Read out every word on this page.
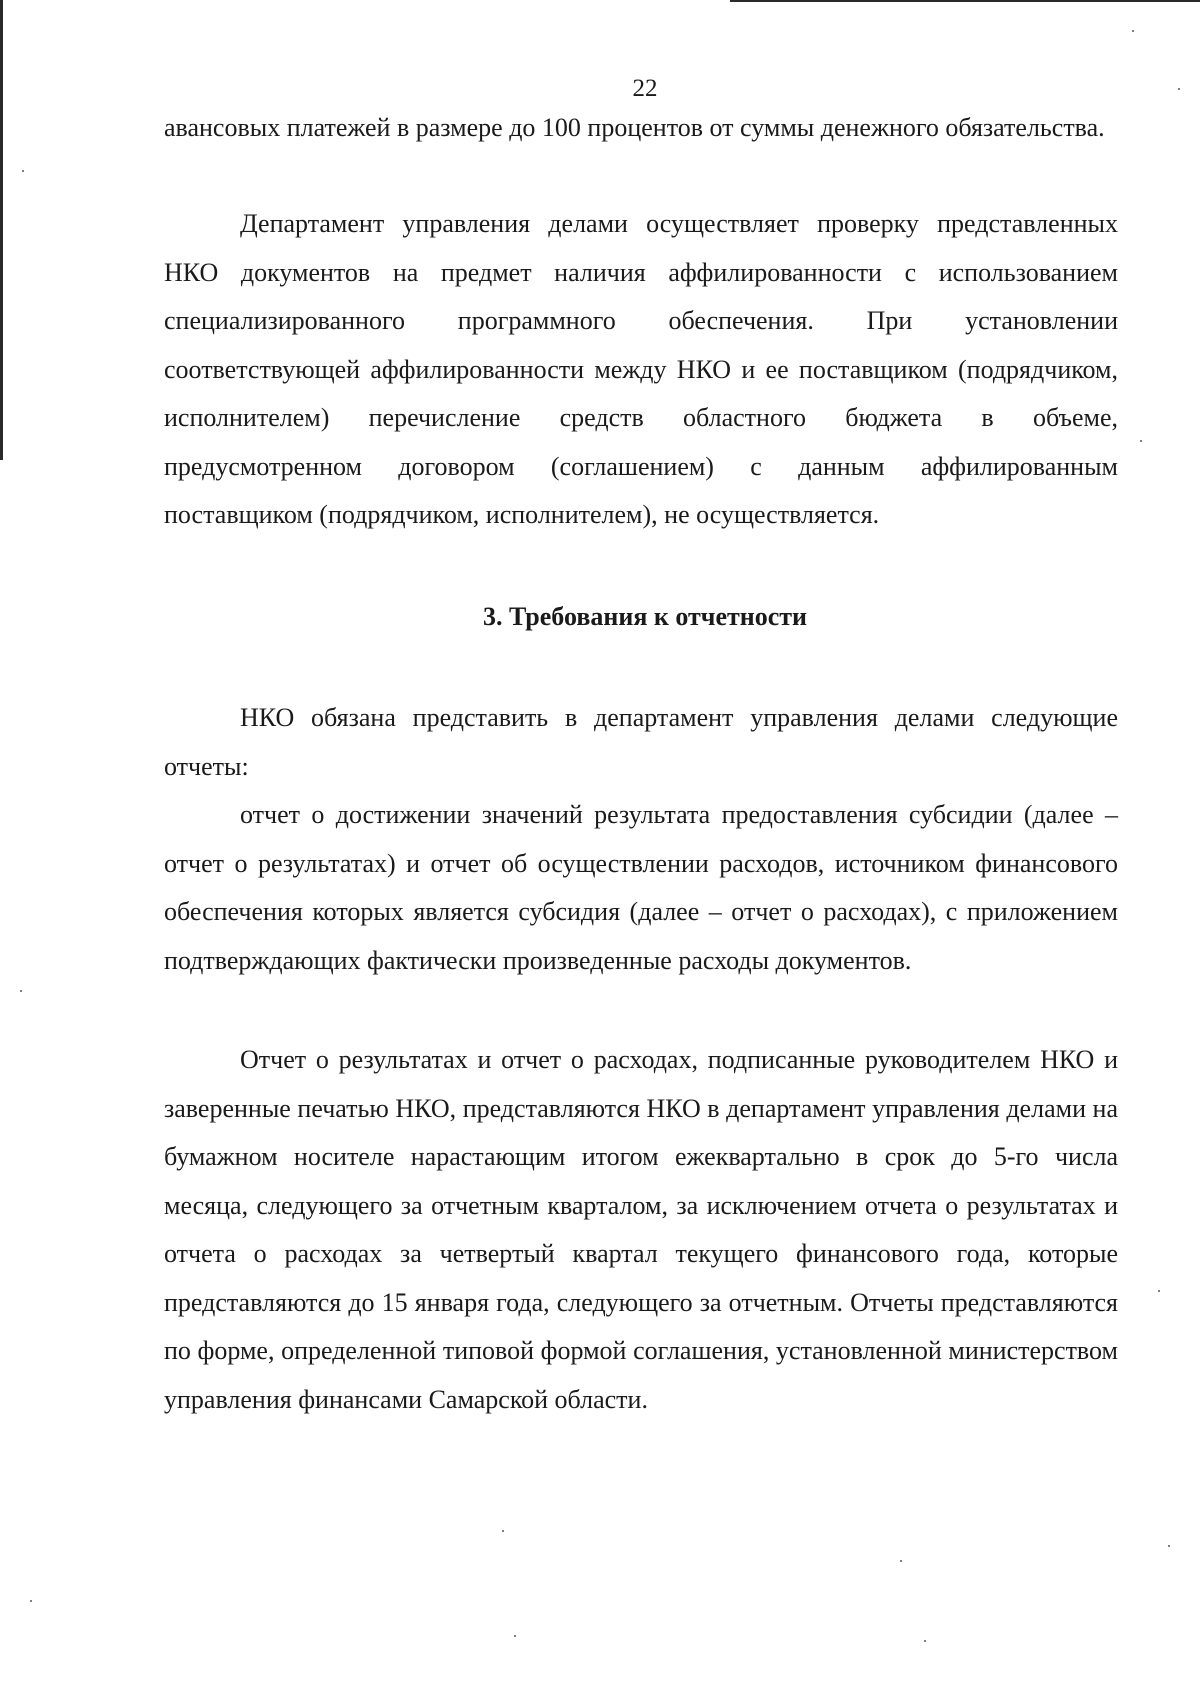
22

авансовых платежей в размере до 100 процентов от суммы денежного обязательства.

Департамент управления делами осуществляет проверку представленных НКО документов на предмет наличия аффилированности с использованием специализированного программного обеспечения. При установлении соответствующей аффилированности между НКО и ее поставщиком (подрядчиком, исполнителем) перечисление средств областного бюджета в объеме, предусмотренном договором (соглашением) с данным аффилированным поставщиком (подрядчиком, исполнителем), не осуществляется.

3. Требования к отчетности

НКО обязана представить в департамент управления делами следующие отчеты:

отчет о достижении значений результата предоставления субсидии (далее – отчет о результатах) и отчет об осуществлении расходов, источником финансового обеспечения которых является субсидия (далее – отчет о расходах), с приложением подтверждающих фактически произведенные расходы документов.

Отчет о результатах и отчет о расходах, подписанные руководителем НКО и заверенные печатью НКО, представляются НКО в департамент управления делами на бумажном носителе нарастающим итогом ежеквартально в срок до 5-го числа месяца, следующего за отчетным кварталом, за исключением отчета о результатах и отчета о расходах за четвертый квартал текущего финансового года, которые представляются до 15 января года, следующего за отчетным. Отчеты представляются по форме, определенной типовой формой соглашения, установленной министерством управления финансами Самарской области.
